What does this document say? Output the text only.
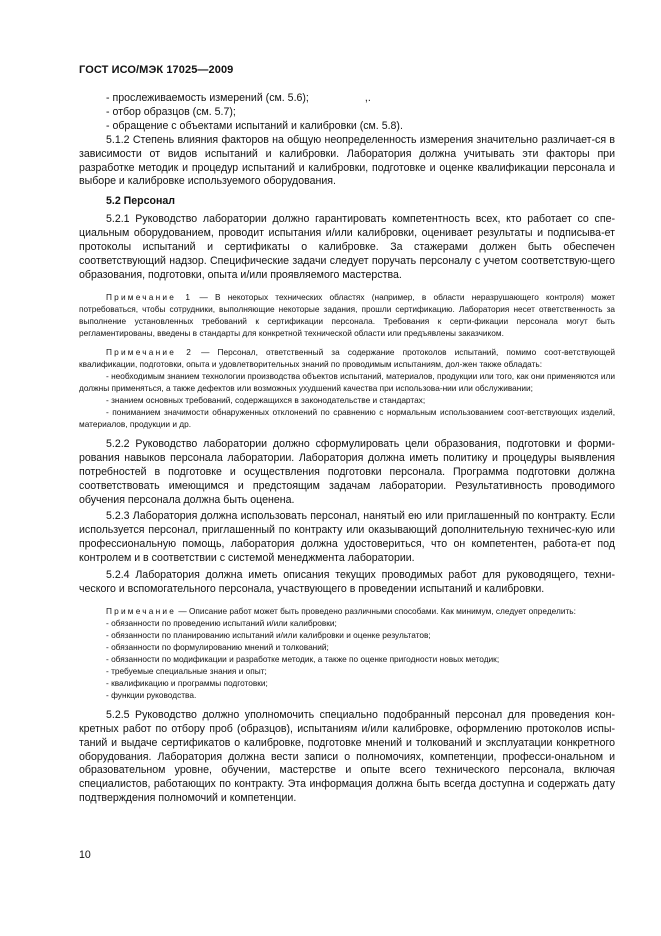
ГОСТ ИСО/МЭК 17025—2009

- прослеживаемость измерений (см. 5.6);	,.

- отбор образцов (см. 5.7);

- обращение с объектами испытаний и калибровки (см. 5.8).

5.1.2 Степень влияния факторов на общую неопределенность измерения значительно различает-ся в зависимости от видов испытаний и калибровки. Лаборатория должна учитывать эти факторы при разработке методик и процедур испытаний и калибровки, подготовке и оценке квалификации персонала и выборе и калибровке используемого оборудования.

5.2 Персонал

5.2.1 Руководство лаборатории должно гарантировать компетентность всех, кто работает со спе-циальным оборудованием, проводит испытания и/или калибровки, оценивает результаты и подписыва-ет протоколы испытаний и сертификаты о калибровке. За стажерами должен быть обеспечен соответствующий надзор. Специфические задачи следует поручать персоналу с учетом соответствую-щего образования, подготовки, опыта и/или проявляемого мастерства.

Примечание 1 — В некоторых технических областях (например, в области неразрушающего контроля) может потребоваться, чтобы сотрудники, выполняющие некоторые задания, прошли сертификацию. Лаборатория несет ответственность за выполнение установленных требований к сертификации персонала. Требования к серти-фикации персонала могут быть регламентированы, введены в стандарты для конкретной технической области или предъявлены заказчиком.

Примечание 2 — Персонал, ответственный за содержание протоколов испытаний, помимо соот-ветствующей квалификации, подготовки, опыта и удовлетворительных знаний по проводимым испытаниям, дол-жен также обладать:

- необходимым знанием технологии производства объектов испытаний, материалов, продукции или того, как они применяются или должны применяться, а также дефектов или возможных ухудшений качества при использова-нии или обслуживании;

- знанием основных требований, содержащихся в законодательстве и стандартах;

- пониманием значимости обнаруженных отклонений по сравнению с нормальным использованием соот-ветствующих изделий, материалов, продукции и др.

5.2.2 Руководство лаборатории должно сформулировать цели образования, подготовки и форми-рования навыков персонала лаборатории. Лаборатория должна иметь политику и процедуры выявления потребностей в подготовке и осуществления подготовки персонала. Программа подготовки должна соответствовать имеющимся и предстоящим задачам лаборатории. Результативность проводимого обучения персонала должна быть оценена.

5.2.3 Лаборатория должна использовать персонал, нанятый ею или приглашенный по контракту. Если используется персонал, приглашенный по контракту или оказывающий дополнительную техничес-кую или профессиональную помощь, лаборатория должна удостовериться, что он компетентен, работа-ет под контролем и в соответствии с системой менеджмента лаборатории.

5.2.4 Лаборатория должна иметь описания текущих проводимых работ для руководящего, техни-ческого и вспомогательного персонала, участвующего в проведении испытаний и калибровки.

Примечание — Описание работ может быть проведено различными способами. Как минимум, следует определить:

- обязанности по проведению испытаний и/или калибровки;

- обязанности по планированию испытаний и/или калибровки и оценке результатов;

- обязанности по формулированию мнений и толкований;

- обязанности по модификации и разработке методик, а также по оценке пригодности новых методик;

- требуемые специальные знания и опыт;

- квалификацию и программы подготовки;

- функции руководства.

5.2.5 Руководство должно уполномочить специально подобранный персонал для проведения кон-кретных работ по отбору проб (образцов), испытаниям и/или калибровке, оформлению протоколов испы-таний и выдаче сертификатов о калибровке, подготовке мнений и толкований и эксплуатации конкретного оборудования. Лаборатория должна вести записи о полномочиях, компетенции, професси-ональном и образовательном уровне, обучении, мастерстве и опыте всего технического персонала, включая специалистов, работающих по контракту. Эта информация должна быть всегда доступна и содержать дату подтверждения полномочий и компетенции.

10
